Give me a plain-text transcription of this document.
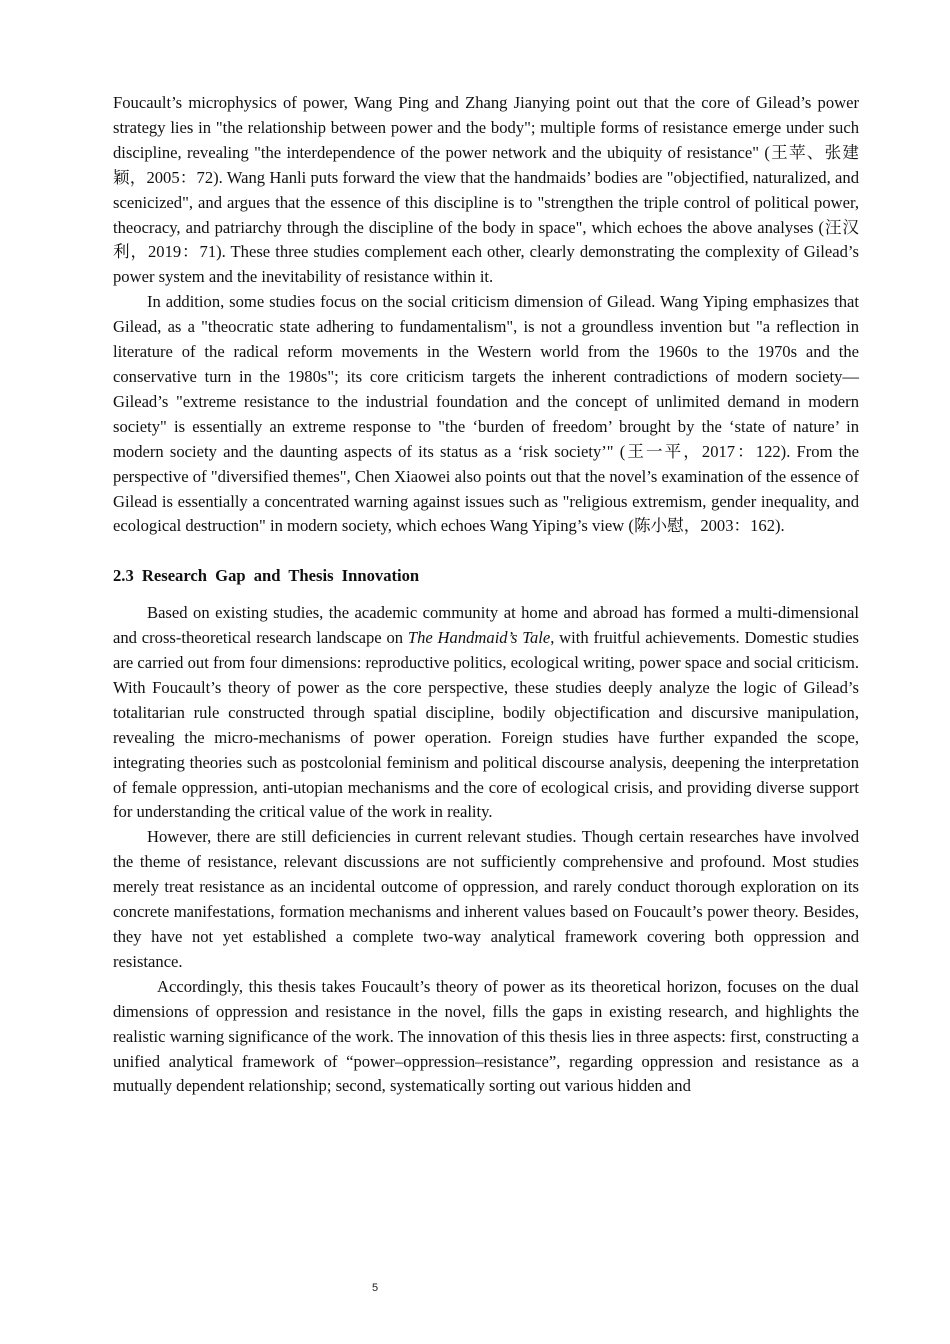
Foucault’s microphysics of power, Wang Ping and Zhang Jianying point out that the core of Gilead’s power strategy lies in "the relationship between power and the body"; multiple forms of resistance emerge under such discipline, revealing "the interdependence of the power network and the ubiquity of resistance" (王苹、张建颖，2005：72). Wang Hanli puts forward the view that the handmaids’ bodies are "objectified, naturalized, and scenicized", and argues that the essence of this discipline is to "strengthen the triple control of political power, theocracy, and patriarchy through the discipline of the body in space", which echoes the above analyses (汪汉利，2019：71). These three studies complement each other, clearly demonstrating the complexity of Gilead’s power system and the inevitability of resistance within it.

In addition, some studies focus on the social criticism dimension of Gilead. Wang Yiping emphasizes that Gilead, as a "theocratic state adhering to fundamentalism", is not a groundless invention but "a reflection in literature of the radical reform movements in the Western world from the 1960s to the 1970s and the conservative turn in the 1980s"; its core criticism targets the inherent contradictions of modern society—Gilead’s "extreme resistance to the industrial foundation and the concept of unlimited demand in modern society" is essentially an extreme response to "the ‘burden of freedom’ brought by the ‘state of nature’ in modern society and the daunting aspects of its status as a ‘risk society’" (王一平，2017：122). From the perspective of "diversified themes", Chen Xiaowei also points out that the novel’s examination of the essence of Gilead is essentially a concentrated warning against issues such as "religious extremism, gender inequality, and ecological destruction" in modern society, which echoes Wang Yiping’s view (陈小慰，2003：162).

2.3 Research Gap and Thesis Innovation

Based on existing studies, the academic community at home and abroad has formed a multi-dimensional and cross-theoretical research landscape on The Handmaid’s Tale, with fruitful achievements. Domestic studies are carried out from four dimensions: reproductive politics, ecological writing, power space and social criticism. With Foucault’s theory of power as the core perspective, these studies deeply analyze the logic of Gilead’s totalitarian rule constructed through spatial discipline, bodily objectification and discursive manipulation, revealing the micro-mechanisms of power operation. Foreign studies have further expanded the scope, integrating theories such as postcolonial feminism and political discourse analysis, deepening the interpretation of female oppression, anti-utopian mechanisms and the core of ecological crisis, and providing diverse support for understanding the critical value of the work in reality.

However, there are still deficiencies in current relevant studies. Though certain researches have involved the theme of resistance, relevant discussions are not sufficiently comprehensive and profound. Most studies merely treat resistance as an incidental outcome of oppression, and rarely conduct thorough exploration on its concrete manifestations, formation mechanisms and inherent values based on Foucault’s power theory. Besides, they have not yet established a complete two-way analytical framework covering both oppression and resistance.

Accordingly, this thesis takes Foucault’s theory of power as its theoretical horizon, focuses on the dual dimensions of oppression and resistance in the novel, fills the gaps in existing research, and highlights the realistic warning significance of the work. The innovation of this thesis lies in three aspects: first, constructing a unified analytical framework of “power–oppression–resistance”, regarding oppression and resistance as a mutually dependent relationship; second, systematically sorting out various hidden and

5
